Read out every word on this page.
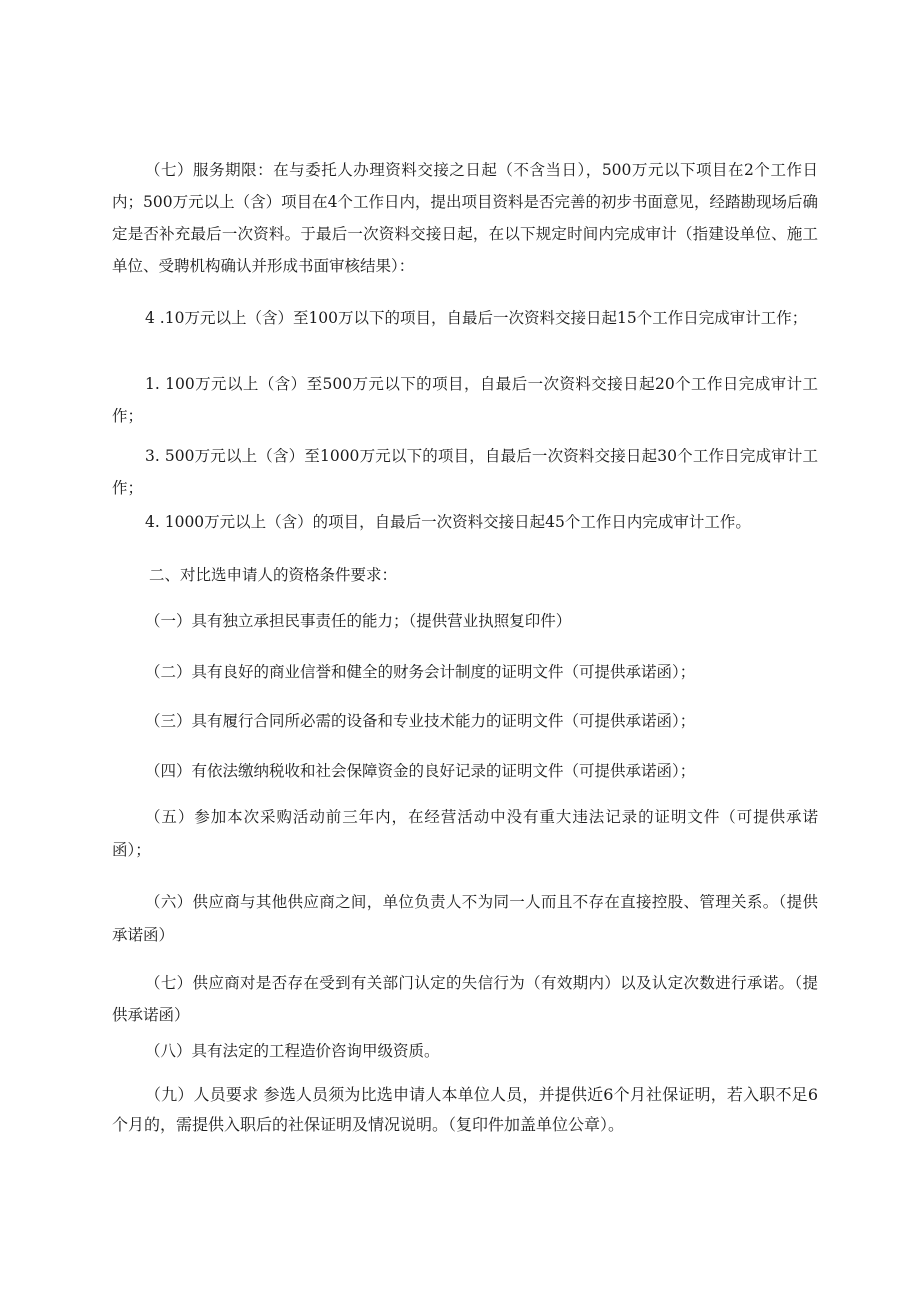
（七）服务期限：在与委托人办理资料交接之日起（不含当日），500万元以下项目在2个工作日内；500万元以上（含）项目在4个工作日内，提出项目资料是否完善的初步书面意见，经踏勘现场后确定是否补充最后一次资料。于最后一次资料交接日起，在以下规定时间内完成审计（指建设单位、施工单位、受聘机构确认并形成书面审核结果）：

4 .10万元以上（含）至100万以下的项目，自最后一次资料交接日起15个工作日完成审计工作；

1. 100万元以上（含）至500万元以下的项目，自最后一次资料交接日起20个工作日完成审计工作；

3. 500万元以上（含）至1000万元以下的项目，自最后一次资料交接日起30个工作日完成审计工作；

4. 1000万元以上（含）的项目，自最后一次资料交接日起45个工作日内完成审计工作。

二、对比选申请人的资格条件要求：

（一）具有独立承担民事责任的能力；（提供营业执照复印件）

（二）具有良好的商业信誉和健全的财务会计制度的证明文件（可提供承诺函）；

（三）具有履行合同所必需的设备和专业技术能力的证明文件（可提供承诺函）；

（四）有依法缴纳税收和社会保障资金的良好记录的证明文件（可提供承诺函）；

（五）参加本次采购活动前三年内，在经营活动中没有重大违法记录的证明文件（可提供承诺函）；

（六）供应商与其他供应商之间，单位负责人不为同一人而且不存在直接控股、管理关系。（提供承诺函）

（七）供应商对是否存在受到有关部门认定的失信行为（有效期内）以及认定次数进行承诺。（提供承诺函）

（八）具有法定的工程造价咨询甲级资质。

（九）人员要求 参选人员须为比选申请人本单位人员，并提供近6个月社保证明，若入职不足6个月的，需提供入职后的社保证明及情况说明。（复印件加盖单位公章）。
